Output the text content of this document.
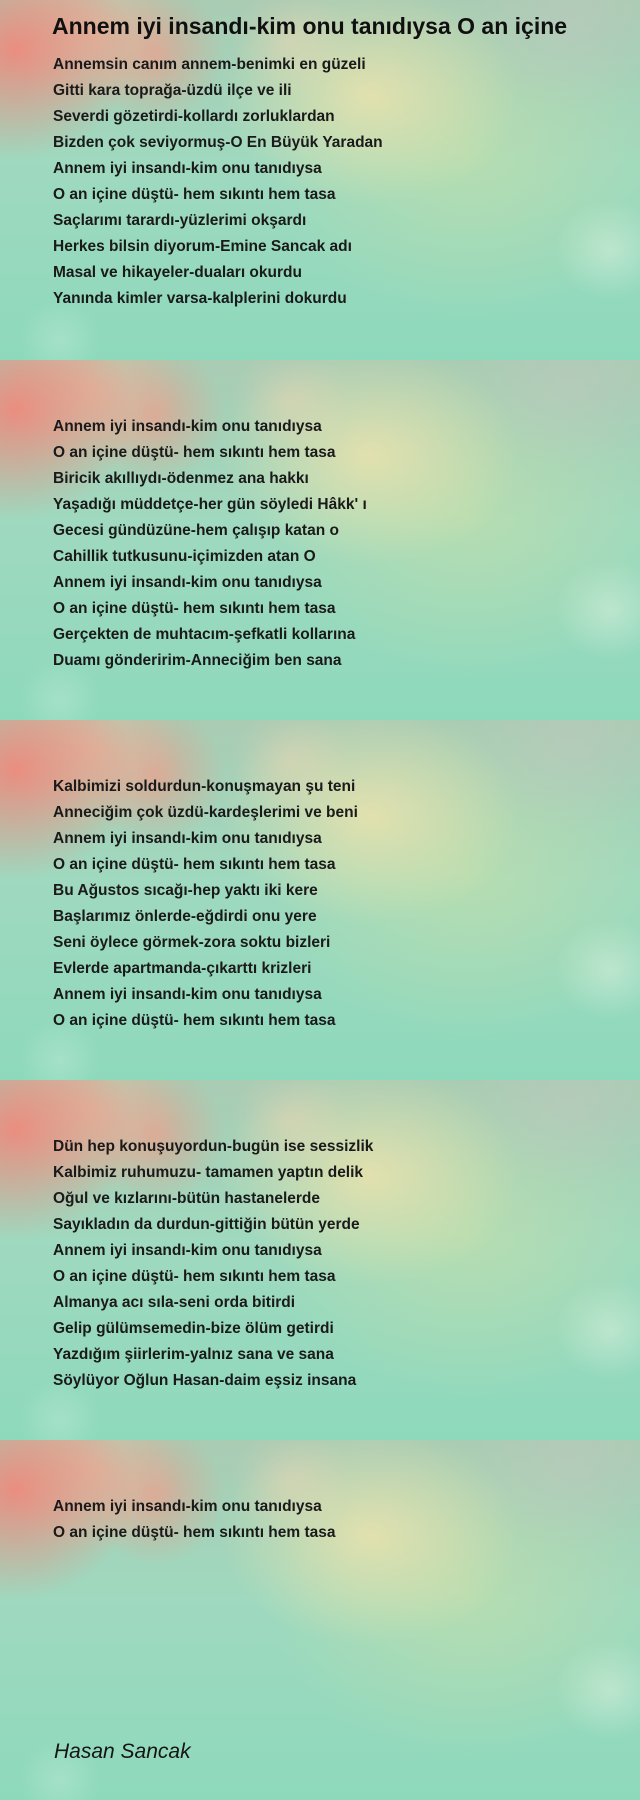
Annem iyi insandı-kim onu tanıdıysa O an içine
Annemsin canım annem-benimki en güzeli
Gitti kara toprağa-üzdü ilçe ve ili
Severdi gözetirdi-kollardı zorluklardan
Bizden çok seviyormuş-O En Büyük Yaradan
Annem iyi insandı-kim onu tanıdıysa
O an içine düştü- hem sıkıntı hem tasa
Saçlarımı tarardı-yüzlerimi okşardı
Herkes bilsin diyorum-Emine Sancak adı
Masal ve hikayeler-duaları okurdu
Yanında kimler varsa-kalplerini dokurdu
Annem iyi insandı-kim onu tanıdıysa
O an içine düştü- hem sıkıntı hem tasa
Biricik akıllıydı-ödenmez ana hakkı
Yaşadığı müddetçe-her gün söyledi Hâkk' ı
Gecesi gündüzüne-hem çalışıp katan o
Cahillik tutkusunu-içimizden atan O
Annem iyi insandı-kim onu tanıdıysa
O an içine düştü- hem sıkıntı hem tasa
Gerçekten de muhtacım-şefkatli kollarına
Duamı gönderirim-Anneciğim ben sana
Kalbimizi soldurdun-konuşmayan şu teni
Anneciğim çok üzdü-kardeşlerimi ve beni
Annem iyi insandı-kim onu tanıdıysa
O an içine düştü- hem sıkıntı hem tasa
Bu Ağustos sıcağı-hep yaktı iki kere
Başlarımız önlerde-eğdirdi onu yere
Seni öylece görmek-zora soktu bizleri
Evlerde apartmanda-çıkarttı krizleri
Annem iyi insandı-kim onu tanıdıysa
O an içine düştü- hem sıkıntı hem tasa
Dün hep konuşuyordun-bugün ise sessizlik
Kalbimiz ruhumuzu- tamamen yaptın delik
Oğul ve kızlarını-bütün hastanelerde
Sayıkladın da durdun-gittiğin bütün yerde
Annem iyi insandı-kim onu tanıdıysa
O an içine düştü- hem sıkıntı hem tasa
Almanya acı sıla-seni orda bitirdi
Gelip gülümsemedin-bize ölüm getirdi
Yazdığım şiirlerim-yalnız sana ve sana
Söylüyor Oğlun Hasan-daim eşsiz insana
Annem iyi insandı-kim onu tanıdıysa
O an içine düştü- hem sıkıntı hem tasa
Hasan Sancak
